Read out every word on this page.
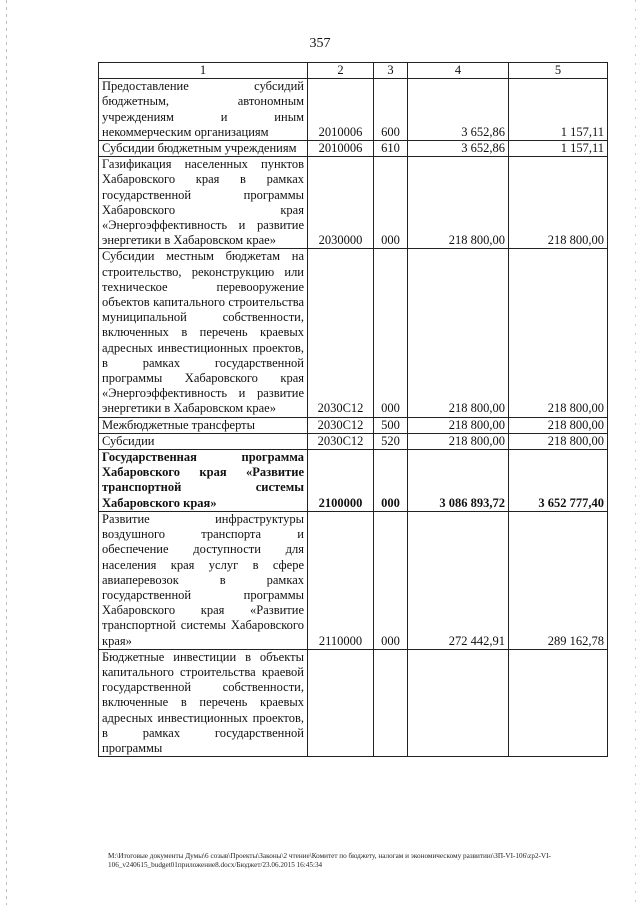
357
1	2	3	4	5
Предоставление субсидий бюджетным, автономным учреждениям и иным некоммерческим организациям	2010006	600	3 652,86	1 157,11
Субсидии бюджетным учреждениям	2010006	610	3 652,86	1 157,11
Газификация населенных пунктов Хабаровского края в рамках государственной программы Хабаровского края «Энергоэффективность и развитие энергетики в Хабаровском крае»	2030000	000	218 800,00	218 800,00
Субсидии местным бюджетам на строительство, реконструкцию или техническое перевооружение объектов капитального строительства муниципальной собственности, включенных в перечень краевых адресных инвестиционных проектов, в рамках государственной программы Хабаровского края «Энергоэффективность и развитие энергетики в Хабаровском крае»	2030С12	000	218 800,00	218 800,00
Межбюджетные трансферты	2030С12	500	218 800,00	218 800,00
Субсидии	2030С12	520	218 800,00	218 800,00
Государственная программа Хабаровского края «Развитие транспортной системы Хабаровского края»	2100000	000	3 086 893,72	3 652 777,40
Развитие инфраструктуры воздушного транспорта и обеспечение доступности для населения края услуг в сфере авиаперевозок в рамках государственной программы Хабаровского края «Развитие транспортной системы Хабаровского края»	2110000	000	272 442,91	289 162,78
Бюджетные инвестиции в объекты капитального строительства краевой государственной собственности, включенные в перечень краевых адресных инвестиционных проектов, в рамках государственной программы				
М:\Итоговые документы Думы\6 созыв\Проекты\Законы\2 чтение\Комитет по бюджету, налогам и экономическому развитию\ЗП-VI-106\zp2-VI-
106_v240615_budget01приложение8.docx/Бюджет/23.06.2015 16:45:34
